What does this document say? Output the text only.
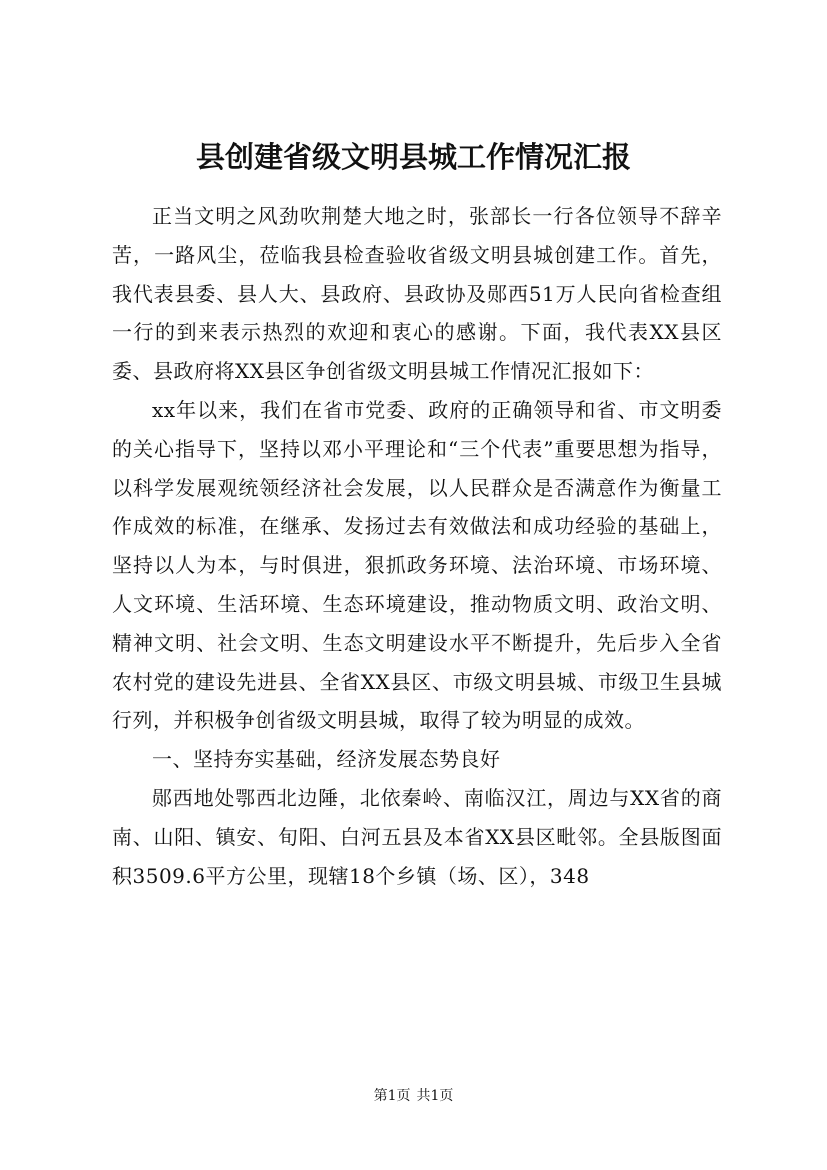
县创建省级文明县城工作情况汇报

正当文明之风劲吹荆楚大地之时，张部长一行各位领导不辞辛苦，一路风尘，莅临我县检查验收省级文明县城创建工作。首先，我代表县委、县人大、县政府、县政协及郧西51万人民向省检查组一行的到来表示热烈的欢迎和衷心的感谢。下面，我代表XX县区委、县政府将XX县区争创省级文明县城工作情况汇报如下：

xx年以来，我们在省市党委、政府的正确领导和省、市文明委的关心指导下，坚持以邓小平理论和“三个代表”重要思想为指导，以科学发展观统领经济社会发展，以人民群众是否满意作为衡量工作成效的标准，在继承、发扬过去有效做法和成功经验的基础上，坚持以人为本，与时俱进，狠抓政务环境、法治环境、市场环境、人文环境、生活环境、生态环境建设，推动物质文明、政治文明、精神文明、社会文明、生态文明建设水平不断提升，先后步入全省农村党的建设先进县、全省XX县区、市级文明县城、市级卫生县城行列，并积极争创省级文明县城，取得了较为明显的成效。

一、坚持夯实基础，经济发展态势良好

郧西地处鄂西北边陲，北依秦岭、南临汉江，周边与XX省的商南、山阳、镇安、旬阳、白河五县及本省XX县区毗邻。全县版图面积3509.6平方公里，现辖18个乡镇（场、区），348

第1页 共1页
